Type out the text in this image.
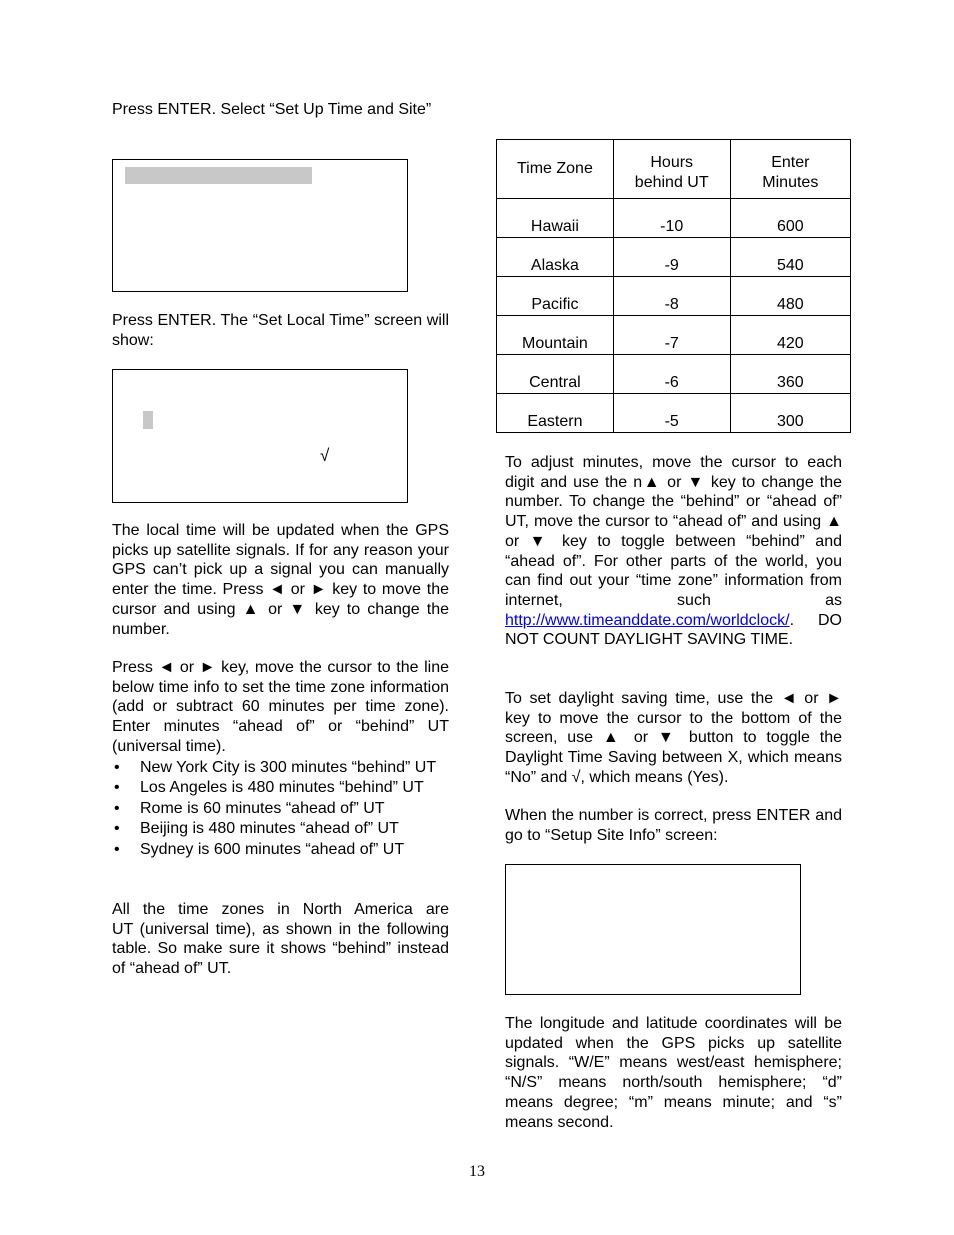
Press ENTER. Select “Set Up Time and Site”

Press ENTER. The “Set Local Time” screen will show:

√

The local time will be updated when the GPS picks up satellite signals. If for any reason your GPS can’t pick up a signal you can manually enter the time. Press ◄ or ► key to move the cursor and using ▲ or ▼ key to change the number.

Press ◄ or ► key, move the cursor to the line below time info to set the time zone information (add or subtract 60 minutes per time zone). Enter minutes “ahead of” or “behind” UT (universal time).

• New York City is 300 minutes “behind” UT
• Los Angeles is 480 minutes “behind” UT
• Rome is 60 minutes “ahead of” UT
• Beijing is 480 minutes “ahead of” UT
• Sydney is 600 minutes “ahead of” UT

All the time zones in North America are            UT (universal time), as shown in the following table. So make sure it shows “behind” instead of “ahead of” UT.

Time Zone	Hours behind UT	Enter Minutes

Hawaii	-10	600
Alaska	-9	540
Pacific	-8	480
Mountain	-7	420
Central	-6	360
Eastern	-5	300

To adjust minutes, move the cursor to each digit and use the n▲ or ▼ key to change the number. To change the “behind” or “ahead of” UT, move the cursor to “ahead of” and using ▲ or ▼ key to toggle between “behind” and “ahead of”. For other parts of the world, you can find out your “time zone” information from internet, such as http://www.timeanddate.com/worldclock/. DO NOT COUNT DAYLIGHT SAVING TIME.

To set daylight saving time, use the ◄ or ► key to move the cursor to the bottom of the screen, use ▲ or ▼ button to toggle the Daylight Time Saving between X, which means “No” and √, which means (Yes).

When the number is correct, press ENTER and go to “Setup Site Info” screen:

The longitude and latitude coordinates will be updated when the GPS picks up satellite signals. “W/E” means west/east hemisphere; “N/S” means north/south hemisphere; “d” means degree; “m” means minute; and “s” means second.

13
